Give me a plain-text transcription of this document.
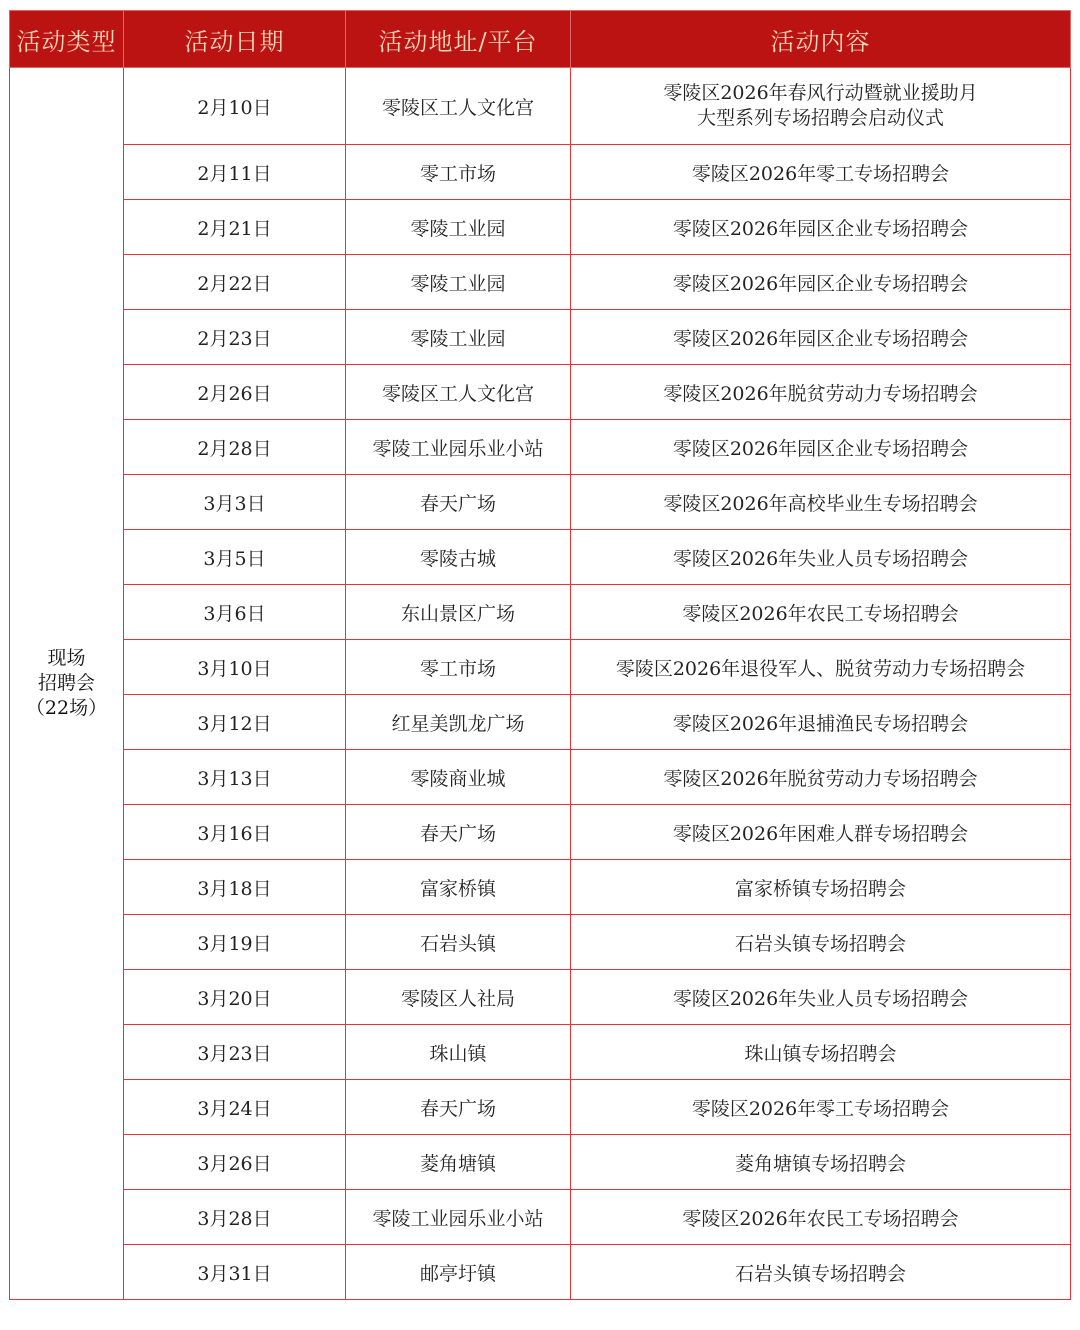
活动类型	活动日期	活动地址/平台	活动内容

现场
招聘会
（22场）	2月10日	零陵区工人文化宫	零陵区2026年春风行动暨就业援助月
大型系列专场招聘会启动仪式

	2月11日	零工市场	零陵区2026年零工专场招聘会
	2月21日	零陵工业园	零陵区2026年园区企业专场招聘会
	2月22日	零陵工业园	零陵区2026年园区企业专场招聘会
	2月23日	零陵工业园	零陵区2026年园区企业专场招聘会
	2月26日	零陵区工人文化宫	零陵区2026年脱贫劳动力专场招聘会
	2月28日	零陵工业园乐业小站	零陵区2026年园区企业专场招聘会
	3月3日	春天广场	零陵区2026年高校毕业生专场招聘会
	3月5日	零陵古城	零陵区2026年失业人员专场招聘会
	3月6日	东山景区广场	零陵区2026年农民工专场招聘会
	3月10日	零工市场	零陵区2026年退役军人、脱贫劳动力专场招聘会
	3月12日	红星美凯龙广场	零陵区2026年退捕渔民专场招聘会
	3月13日	零陵商业城	零陵区2026年脱贫劳动力专场招聘会
	3月16日	春天广场	零陵区2026年困难人群专场招聘会
	3月18日	富家桥镇	富家桥镇专场招聘会
	3月19日	石岩头镇	石岩头镇专场招聘会
	3月20日	零陵区人社局	零陵区2026年失业人员专场招聘会
	3月23日	珠山镇	珠山镇专场招聘会
	3月24日	春天广场	零陵区2026年零工专场招聘会
	3月26日	菱角塘镇	菱角塘镇专场招聘会
	3月28日	零陵工业园乐业小站	零陵区2026年农民工专场招聘会
	3月31日	邮亭圩镇	石岩头镇专场招聘会
